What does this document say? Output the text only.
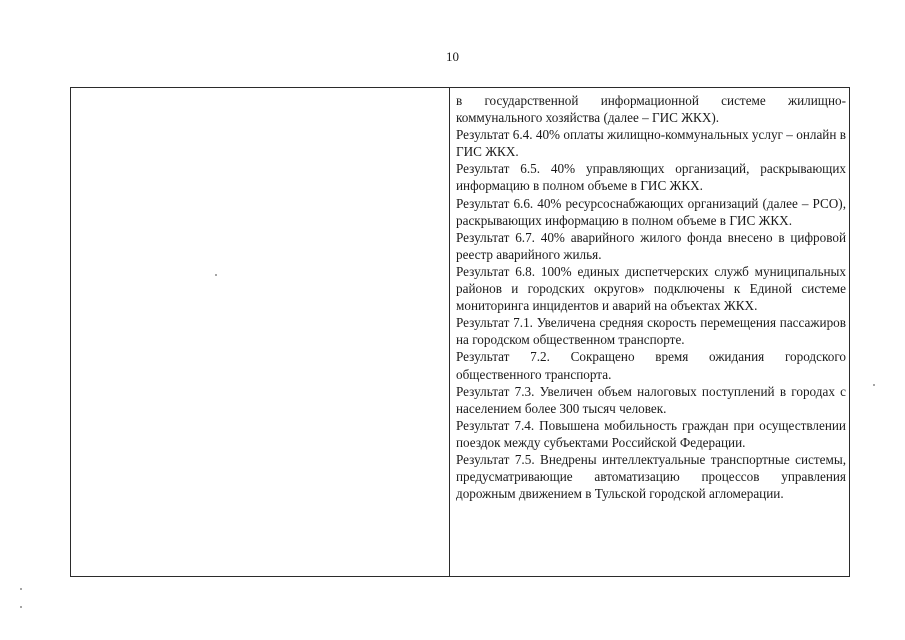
10

в государственной информационной системе жилищно-коммунального хозяйства (далее – ГИС ЖКХ).

Результат 6.4. 40% оплаты жилищно-коммунальных услуг – онлайн в ГИС ЖКХ.

Результат 6.5. 40% управляющих организаций, раскрывающих информацию в полном объеме в ГИС ЖКХ.

Результат 6.6. 40% ресурсоснабжающих организаций (далее – РСО), раскрывающих информацию в полном объеме в ГИС ЖКХ.

Результат 6.7. 40% аварийного жилого фонда внесено в цифровой реестр аварийного жилья.

Результат 6.8. 100% единых диспетчерских служб муниципальных районов и городских округов» подключены к Единой системе мониторинга инцидентов и аварий на объектах ЖКХ.

Результат 7.1. Увеличена средняя скорость перемещения пассажиров на городском общественном транспорте.

Результат 7.2. Сокращено время ожидания городского общественного транспорта.

Результат 7.3. Увеличен объем налоговых поступлений в городах с населением более 300 тысяч человек.

Результат 7.4. Повышена мобильность граждан при осуществлении поездок между субъектами Российской Федерации.

Результат 7.5. Внедрены интеллектуальные транспортные системы, предусматривающие автоматизацию процессов управления дорожным движением в Тульской городской агломерации.
